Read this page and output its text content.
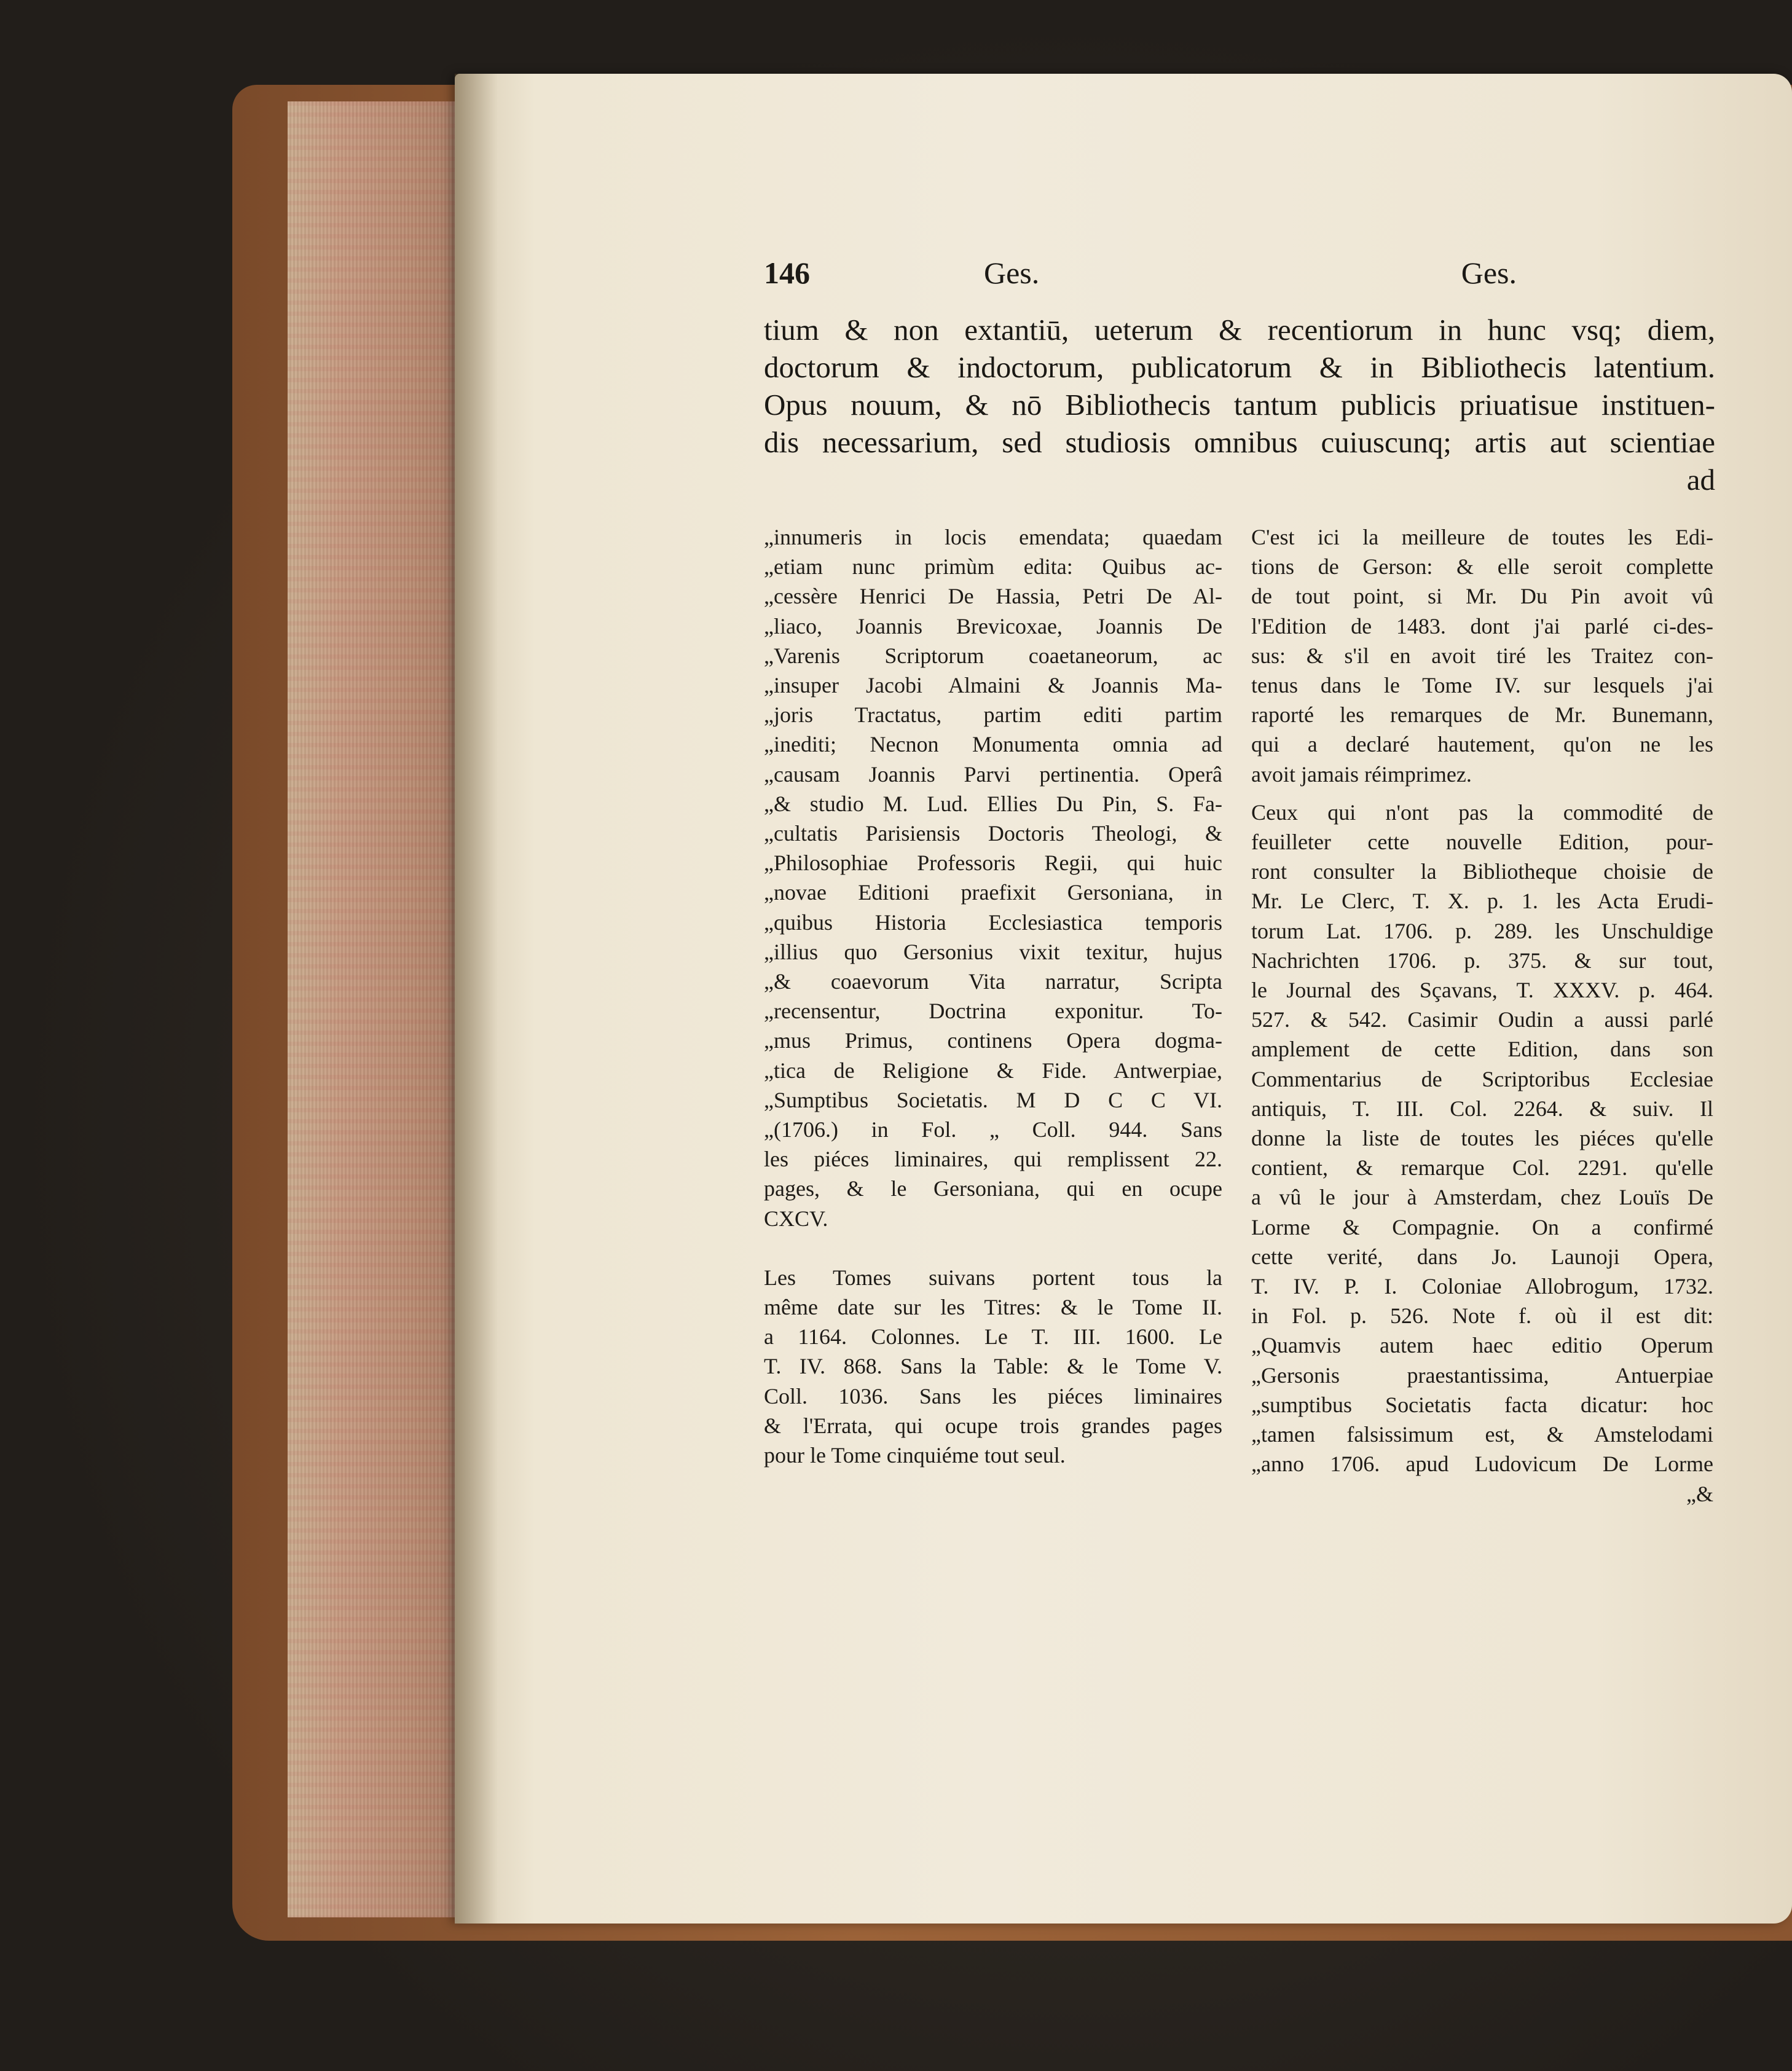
146	Ges.	Ges.
tium & non extantiū, ueterum & recentiorum in hunc vsq; diem,
doctorum & indoctorum, publicatorum & in Bibliothecis latentium.
Opus nouum, & nō Bibliothecis tantum publicis priuatisue instituen-
dis necessarium, sed studiosis omnibus cuiuscunq; artis aut scientiae
ad
„innumeris in locis emendata; quaedam
„etiam nunc primùm edita: Quibus ac-
„cessère Henrici De Hassia, Petri De Al-
„liaco, Joannis Brevicoxae, Joannis De
„Varenis Scriptorum coaetaneorum, ac
„insuper Jacobi Almaini & Joannis Ma-
„joris Tractatus, partim editi partim
„inediti; Necnon Monumenta omnia ad
„causam Joannis Parvi pertinentia. Operâ
„& studio M. Lud. Ellies Du Pin, S. Fa-
„cultatis Parisiensis Doctoris Theologi, &
„Philosophiae Professoris Regii, qui huic
„novae Editioni praefixit Gersoniana, in
„quibus Historia Ecclesiastica temporis
„illius quo Gersonius vixit texitur, hujus
„& coaevorum Vita narratur, Scripta
„recensentur, Doctrina exponitur. To-
„mus Primus, continens Opera dogma-
„tica de Religione & Fide. Antwerpiae,
„Sumptibus Societatis. M D C C VI.
„(1706.) in Fol. „ Coll. 944. Sans
les piéces liminaires, qui remplissent 22.
pages, & le Gersoniana, qui en ocupe
CXCV.
Les Tomes suivans portent tous la
même date sur les Titres: & le Tome II.
a 1164. Colonnes. Le T. III. 1600. Le
T. IV. 868. Sans la Table: & le Tome V.
Coll. 1036. Sans les piéces liminaires
& l'Errata, qui ocupe trois grandes pages
pour le Tome cinquiéme tout seul.
C'est ici la meilleure de toutes les Edi-
tions de Gerson: & elle seroit complette
de tout point, si Mr. Du Pin avoit vû
l'Edition de 1483. dont j'ai parlé ci-des-
sus: & s'il en avoit tiré les Traitez con-
tenus dans le Tome IV. sur lesquels j'ai
raporté les remarques de Mr. Bunemann,
qui a declaré hautement, qu'on ne les
avoit jamais réimprimez.
Ceux qui n'ont pas la commodité de
feuilleter cette nouvelle Edition, pour-
ront consulter la Bibliotheque choisie de
Mr. Le Clerc, T. X. p. 1. les Acta Erudi-
torum Lat. 1706. p. 289. les Unschuldige
Nachrichten 1706. p. 375. & sur tout,
le Journal des Sçavans, T. XXXV. p. 464.
527. & 542. Casimir Oudin a aussi parlé
amplement de cette Edition, dans son
Commentarius de Scriptoribus Ecclesiae
antiquis, T. III. Col. 2264. & suiv. Il
donne la liste de toutes les piéces qu'elle
contient, & remarque Col. 2291. qu'elle
a vû le jour à Amsterdam, chez Louïs De
Lorme & Compagnie. On a confirmé
cette verité, dans Jo. Launoji Opera,
T. IV. P. I. Coloniae Allobrogum, 1732.
in Fol. p. 526. Note f. où il est dit:
„Quamvis autem haec editio Operum
„Gersonis praestantissima, Antuerpiae
„sumptibus Societatis facta dicatur: hoc
„tamen falsissimum est, & Amstelodami
„anno 1706. apud Ludovicum De Lorme
„&
